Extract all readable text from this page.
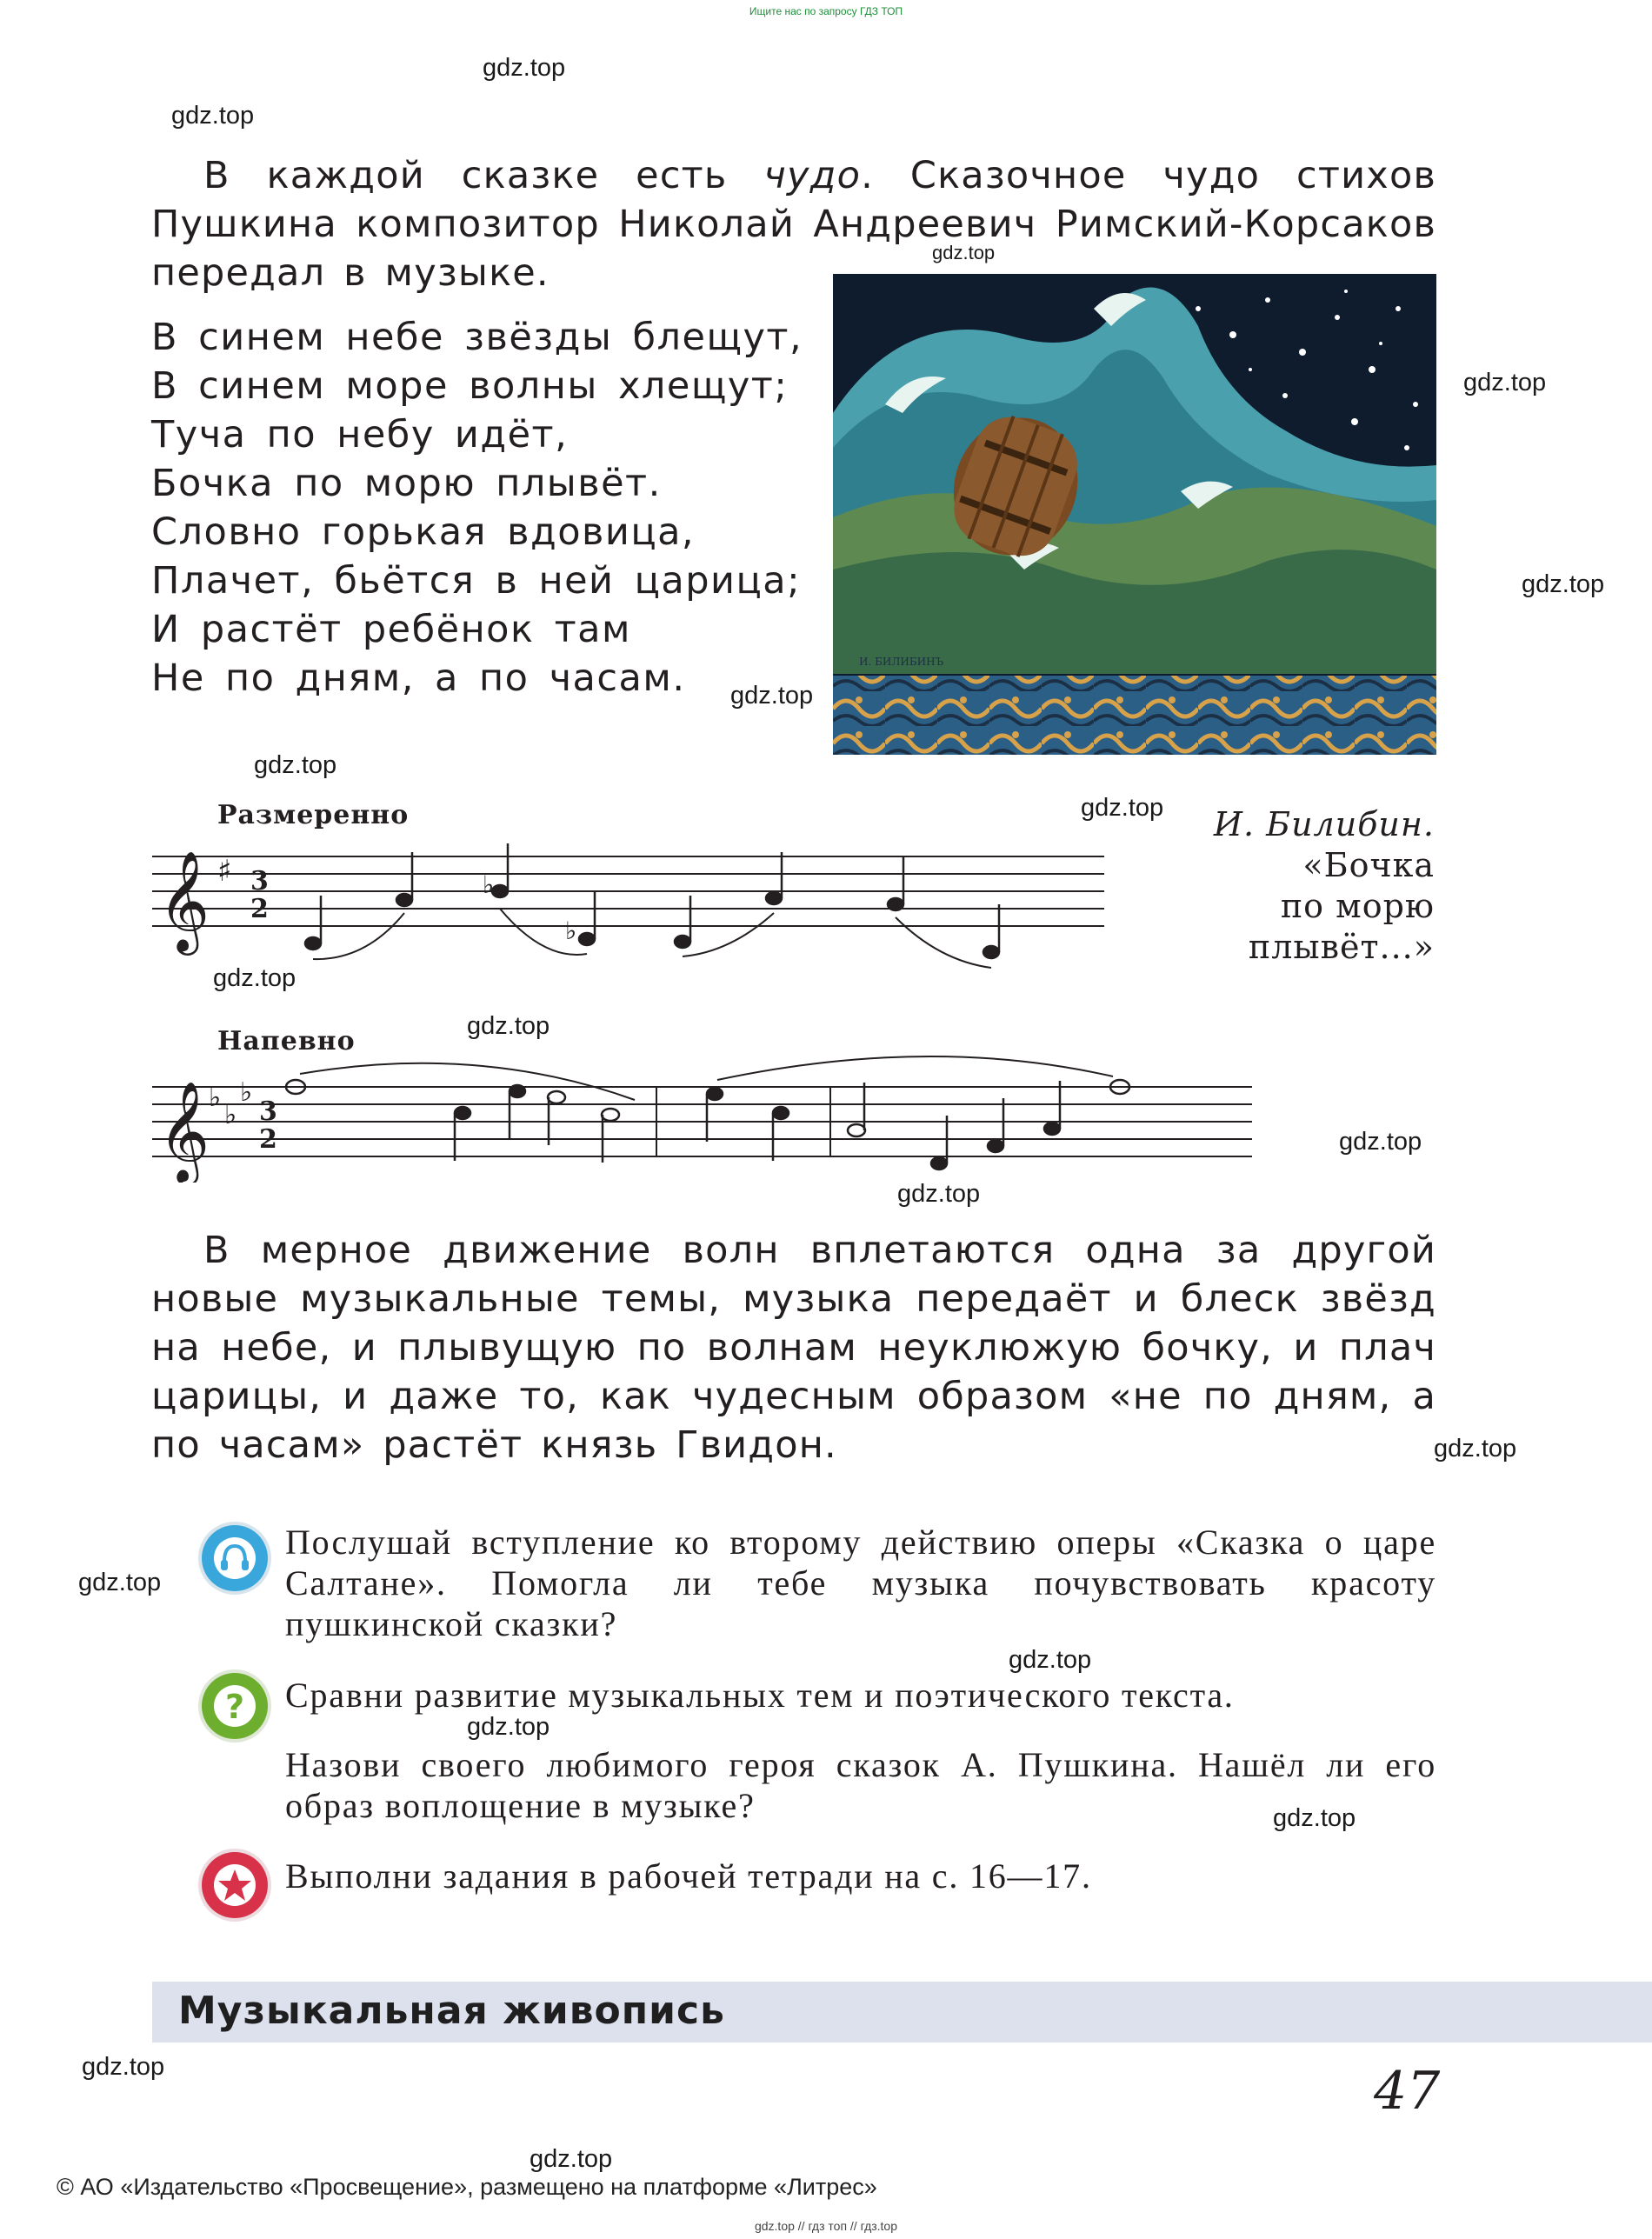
Ищите нас по запросу ГДЗ ТОП
gdz.top
gdz.top
gdz.top
gdz.top
gdz.top
gdz.top
gdz.top
gdz.top
gdz.top
gdz.top
gdz.top
gdz.top
gdz.top
gdz.top
gdz.top
gdz.top
gdz.top
gdz.top
gdz.top

В каждой сказке есть чудо. Сказочное чудо стихов Пушкина композитор Николай Андреевич Римский-Корсаков передал в музыке.

В синем небе звёзды блещут,
В синем море волны хлещут;
Туча по небу идёт,
Бочка по морю плывёт.
Словно горькая вдовица,
Плачет, бьётся в ней царица;
И растёт ребёнок там
Не по дням, а по часам.	И. БИЛИБИНЪ
И. Билибин.
«Бочка
по морю
плывёт...»
Размеренно
𝄞 ♯ 3
2
♭
♭
Напевно
𝄞
♭
♭
♭
3
2

В мерное движение волн вплетаются одна за другой новые музыкальные темы, музыка передаёт и блеск звёзд на небе, и плывущую по волнам неуклюжую бочку, и плач царицы, и даже то, как чудесным образом «не по дням, а по часам» растёт князь Гвидон.

Послушай вступление ко второму действию оперы «Сказка о царе Салтане». Помогла ли тебе музыка почувствовать красоту пушкинской сказки?

? Сравни развитие музыкальных тем и поэтического текста.

Назови своего любимого героя сказок А. Пушкина. Нашёл ли его образ воплощение в музыке?

Выполни задания в рабочей тетради на с. 16—17.

Музыкальная живопись
47
© АО «Издательство «Просвещение», размещено на платформе «Литрес»
gdz.top // гдз топ // гдз.top
